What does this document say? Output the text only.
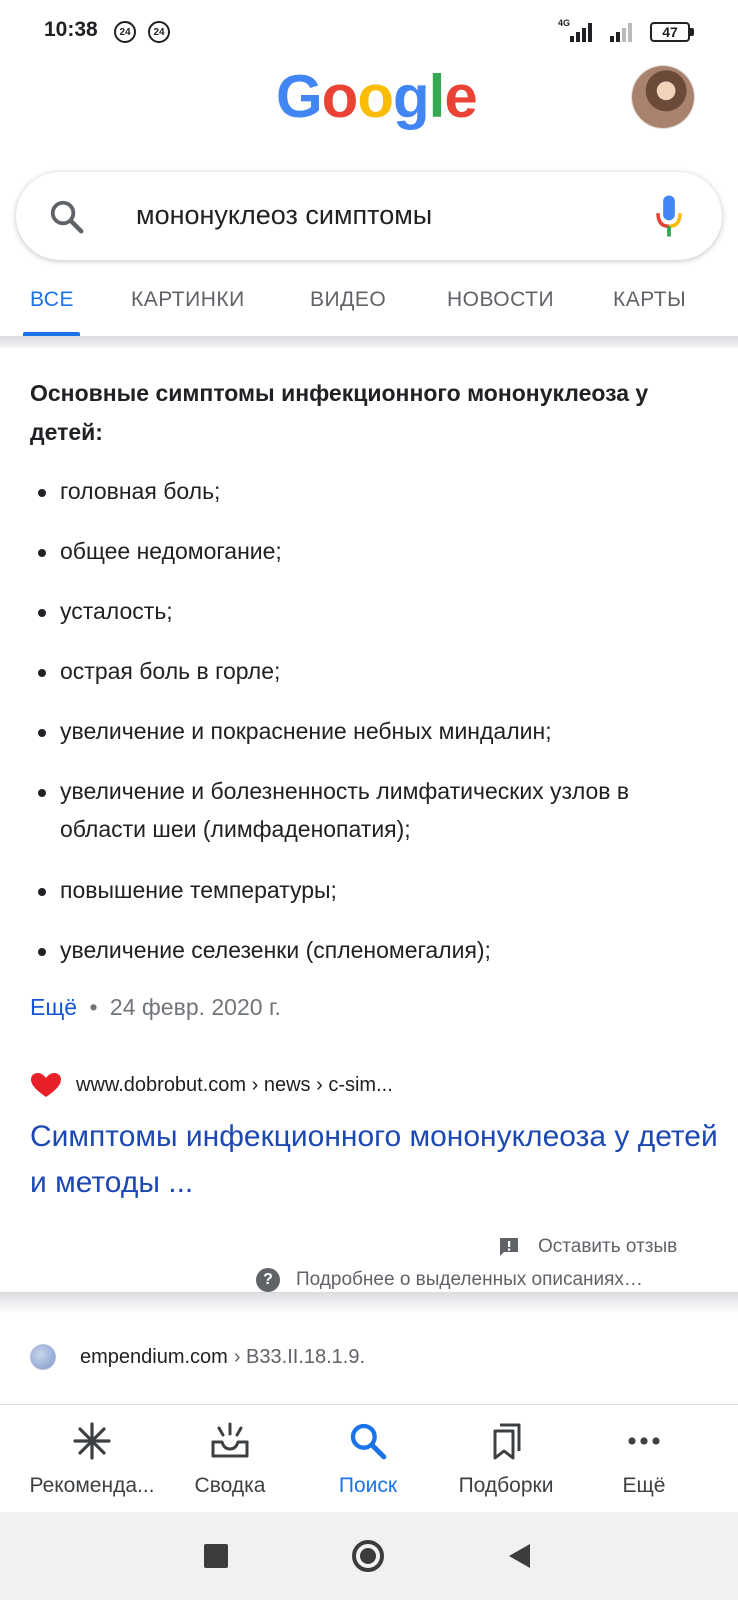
10:38	24	24
4G
47
Google
мононуклеоз симптомы
ВСЕ	КАРТИНКИ	ВИДЕО	НОВОСТИ	КАРТЫ
Основные симптомы инфекционного мононуклеоза у детей:
головная боль;
общее недомогание;
усталость;
острая боль в горле;
увеличение и покраснение небных миндалин;
увеличение и болезненность лимфатических узлов в области шеи (лимфаденопатия);
повышение температуры;
увеличение селезенки (спленомегалия);
Ещё • 24 февр. 2020 г.
www.dobrobut.com › news › c-sim...
Симптомы инфекционного мононуклеоза у детей и методы ...
Оставить отзыв
?	Подробнее о выделенных описаниях…
empendium.com › B33.II.18.1.9.
Рекоменда... Сводка	Поиск	Подборки	Ещё
